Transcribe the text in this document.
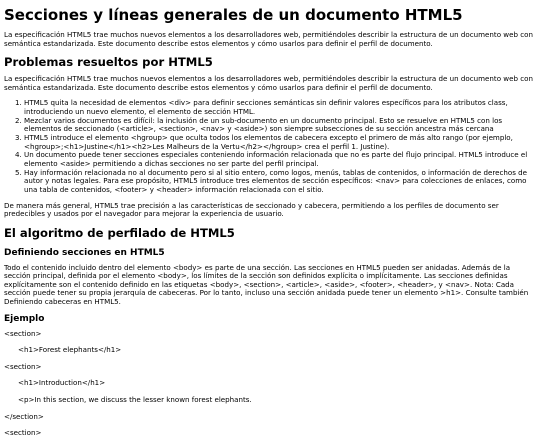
Secciones y líneas generales de un documento HTML5

La especificación HTML5 trae muchos nuevos elementos a los desarrolladores web, permitiéndoles describir la estructura de un documento web con semántica estandarizada. Este documento describe estos elementos y cómo usarlos para definir el perfil de documento.

Problemas resueltos por HTML5

La especificación HTML5 trae muchos nuevos elementos a los desarrolladores web, permitiéndoles describir la estructura de un documento web con semántica estandarizada. Este documento describe estos elementos y cómo usarlos para definir el perfil de documento.

1. HTML5 quita la necesidad de elementos <div> para definir secciones semánticas sin definir valores específicos para los atributos class, introduciendo un nuevo elemento, el elemento de sección HTML.
2. Mezclar varios documentos es difícil: la inclusión de un sub-documento en un documento principal. Esto se resuelve en HTML5 con los elementos de seccionado (<article>, <section>, <nav> y <aside>) son siempre subsecciones de su sección ancestra más cercana
3. HTML5 introduce el elemento <hgroup> que oculta todos los elementos de cabecera excepto el primero de más alto rango (por ejemplo, <hgroup>;<h1>Justine</h1><h2>Les Malheurs de la Vertu</h2></hgroup> crea el perfil 1. Justine).
4. Un documento puede tener secciones especiales conteniendo información relacionada que no es parte del flujo principal. HTML5 introduce el elemento <aside> permitiendo a dichas secciones no ser parte del perfil principal.
5. Hay información relacionada no al documento pero si al sitio entero, como logos, menús, tablas de contenidos, o información de derechos de autor y notas legales. Para ese propósito, HTML5 introduce tres elementos de sección específicos: <nav> para colecciones de enlaces, como una tabla de contenidos, <footer> y <header> información relacionada con el sitio.

De manera más general, HTML5 trae precisión a las características de seccionado y cabecera, permitiendo a los perfiles de documento ser predecibles y usados por el navegador para mejorar la experiencia de usuario.

El algoritmo de perfilado de HTML5
Definiendo secciones en HTML5

Todo el contenido incluido dentro del elemento <body> es parte de una sección. Las secciones en HTML5 pueden ser anidadas. Además de la sección principal, definida por el elemento <body>, los límites de la sección son definidos explícita o implícitamente. Las secciones definidas explícitamente son el contenido definido en las etiquetas <body>, <section>, <article>, <aside>, <footer>, <header>, y <nav>. Nota: Cada sección puede tener su propia jerarquía de cabeceras. Por lo tanto, incluso una sección anidada puede tener un elemento >h1>. Consulte también Definiendo cabeceras en HTML5.

Ejemplo
<section>
<h1>Forest elephants</h1>
<section>
<h1>Introduction</h1>
<p>In this section, we discuss the lesser known forest elephants.
</section>
<section>
